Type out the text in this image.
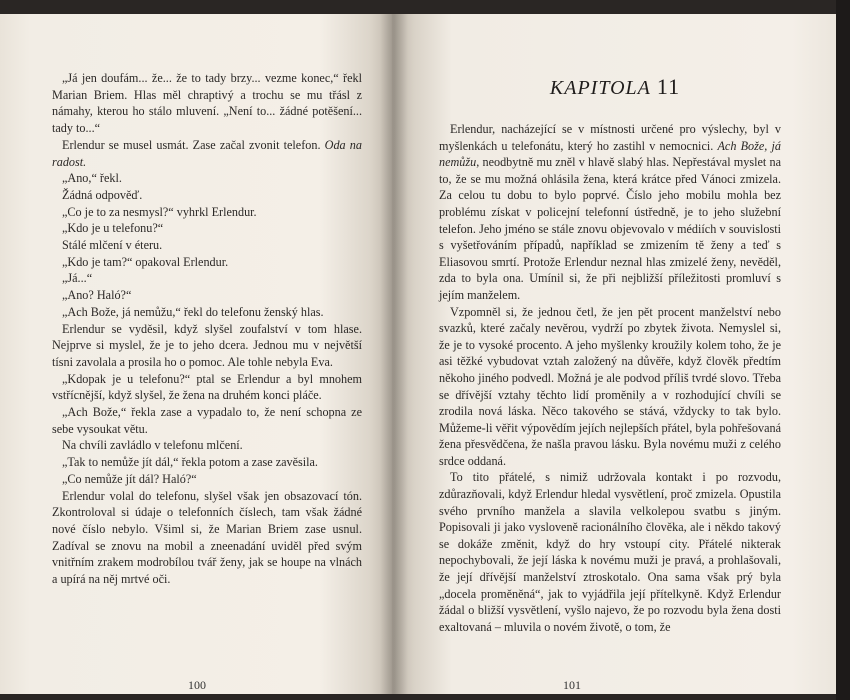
„Já jen doufám... že... že to tady brzy... vezme konec,“ řekl Marian Briem. Hlas měl chraptivý a trochu se mu třásl z námahy, kterou ho stálo mluvení. „Není to... žádné potěšení... tady to...“

Erlendur se musel usmát. Zase začal zvonit telefon. Oda na radost.

„Ano,“ řekl.

Žádná odpověď.

„Co je to za nesmysl?“ vyhrkl Erlendur.

„Kdo je u telefonu?“

Stálé mlčení v éteru.

„Kdo je tam?“ opakoval Erlendur.

„Já...“

„Ano? Haló?“

„Ach Bože, já nemůžu,“ řekl do telefonu ženský hlas.

Erlendur se vyděsil, když slyšel zoufalství v tom hlase. Nejprve si myslel, že je to jeho dcera. Jednou mu v největší tísni zavolala a prosila ho o pomoc. Ale tohle nebyla Eva.

„Kdopak je u telefonu?“ ptal se Erlendur a byl mnohem vstřícnější, když slyšel, že žena na druhém konci pláče.

„Ach Bože,“ řekla zase a vypadalo to, že není schopna ze sebe vysoukat větu.

Na chvíli zavládlo v telefonu mlčení.

„Tak to nemůže jít dál,“ řekla potom a zase zavěsila.

„Co nemůže jít dál? Haló?“

Erlendur volal do telefonu, slyšel však jen obsazovací tón. Zkontroloval si údaje o telefonních číslech, tam však žádné nové číslo nebylo. Všiml si, že Marian Briem zase usnul. Zadíval se znovu na mobil a zneenadání uviděl před svým vnitřním zrakem modrobílou tvář ženy, jak se houpe na vlnách a upírá na něj mrtvé oči.

100
KAPITOLA 11

Erlendur, nacházející se v místnosti určené pro výslechy, byl v myšlenkách u telefonátu, který ho zastihl v nemocnici. Ach Bože, já nemůžu, neodbytně mu zněl v hlavě slabý hlas. Nepřestával myslet na to, že se mu možná ohlásila žena, která krátce před Vánoci zmizela. Za celou tu dobu to bylo poprvé. Číslo jeho mobilu mohla bez problému získat v policejní telefonní ústředně, je to jeho služební telefon. Jeho jméno se stále znovu objevovalo v médiích v souvislosti s vyšetřováním případů, například se zmizením tě ženy a teď s Eliasovou smrtí. Protože Erlendur neznal hlas zmizelé ženy, nevěděl, zda to byla ona. Umínil si, že při nejbližší příležitosti promluví s jejím manželem.

Vzpomněl si, že jednou četl, že jen pět procent manželství nebo svazků, které začaly nevěrou, vydrží po zbytek života. Nemyslel si, že je to vysoké procento. A jeho myšlenky kroužily kolem toho, že je asi těžké vybudovat vztah založený na důvěře, když člověk předtím někoho jiného podvedl. Možná je ale podvod příliš tvrdé slovo. Třeba se dřívější vztahy těchto lidí proměnily a v rozhodující chvíli se zrodila nová láska. Něco takového se stává, vždycky to tak bylo. Můžeme-li věřit výpovědím jejích nejlepších přátel, byla pohřešovaná žena přesvědčena, že našla pravou lásku. Byla novému muži z celého srdce oddaná.

To tito přátelé, s nimiž udržovala kontakt i po rozvodu, zdůrazňovali, když Erlendur hledal vysvětlení, proč zmizela. Opustila svého prvního manžela a slavila velkolepou svatbu s jiným. Popisovali ji jako vysloveně racionálního člověka, ale i někdo takový se dokáže změnit, když do hry vstoupí city. Přátelé nikterak nepochybovali, že její láska k novému muži je pravá, a prohlašovali, že její dřívější manželství ztroskotalo. Ona sama však prý byla „docela proměněná“, jak to vyjádřila její přítelkyně. Když Erlendur žádal o bližší vysvětlení, vyšlo najevo, že po rozvodu byla žena dosti exaltovaná – mluvila o novém životě, o tom, že

101
